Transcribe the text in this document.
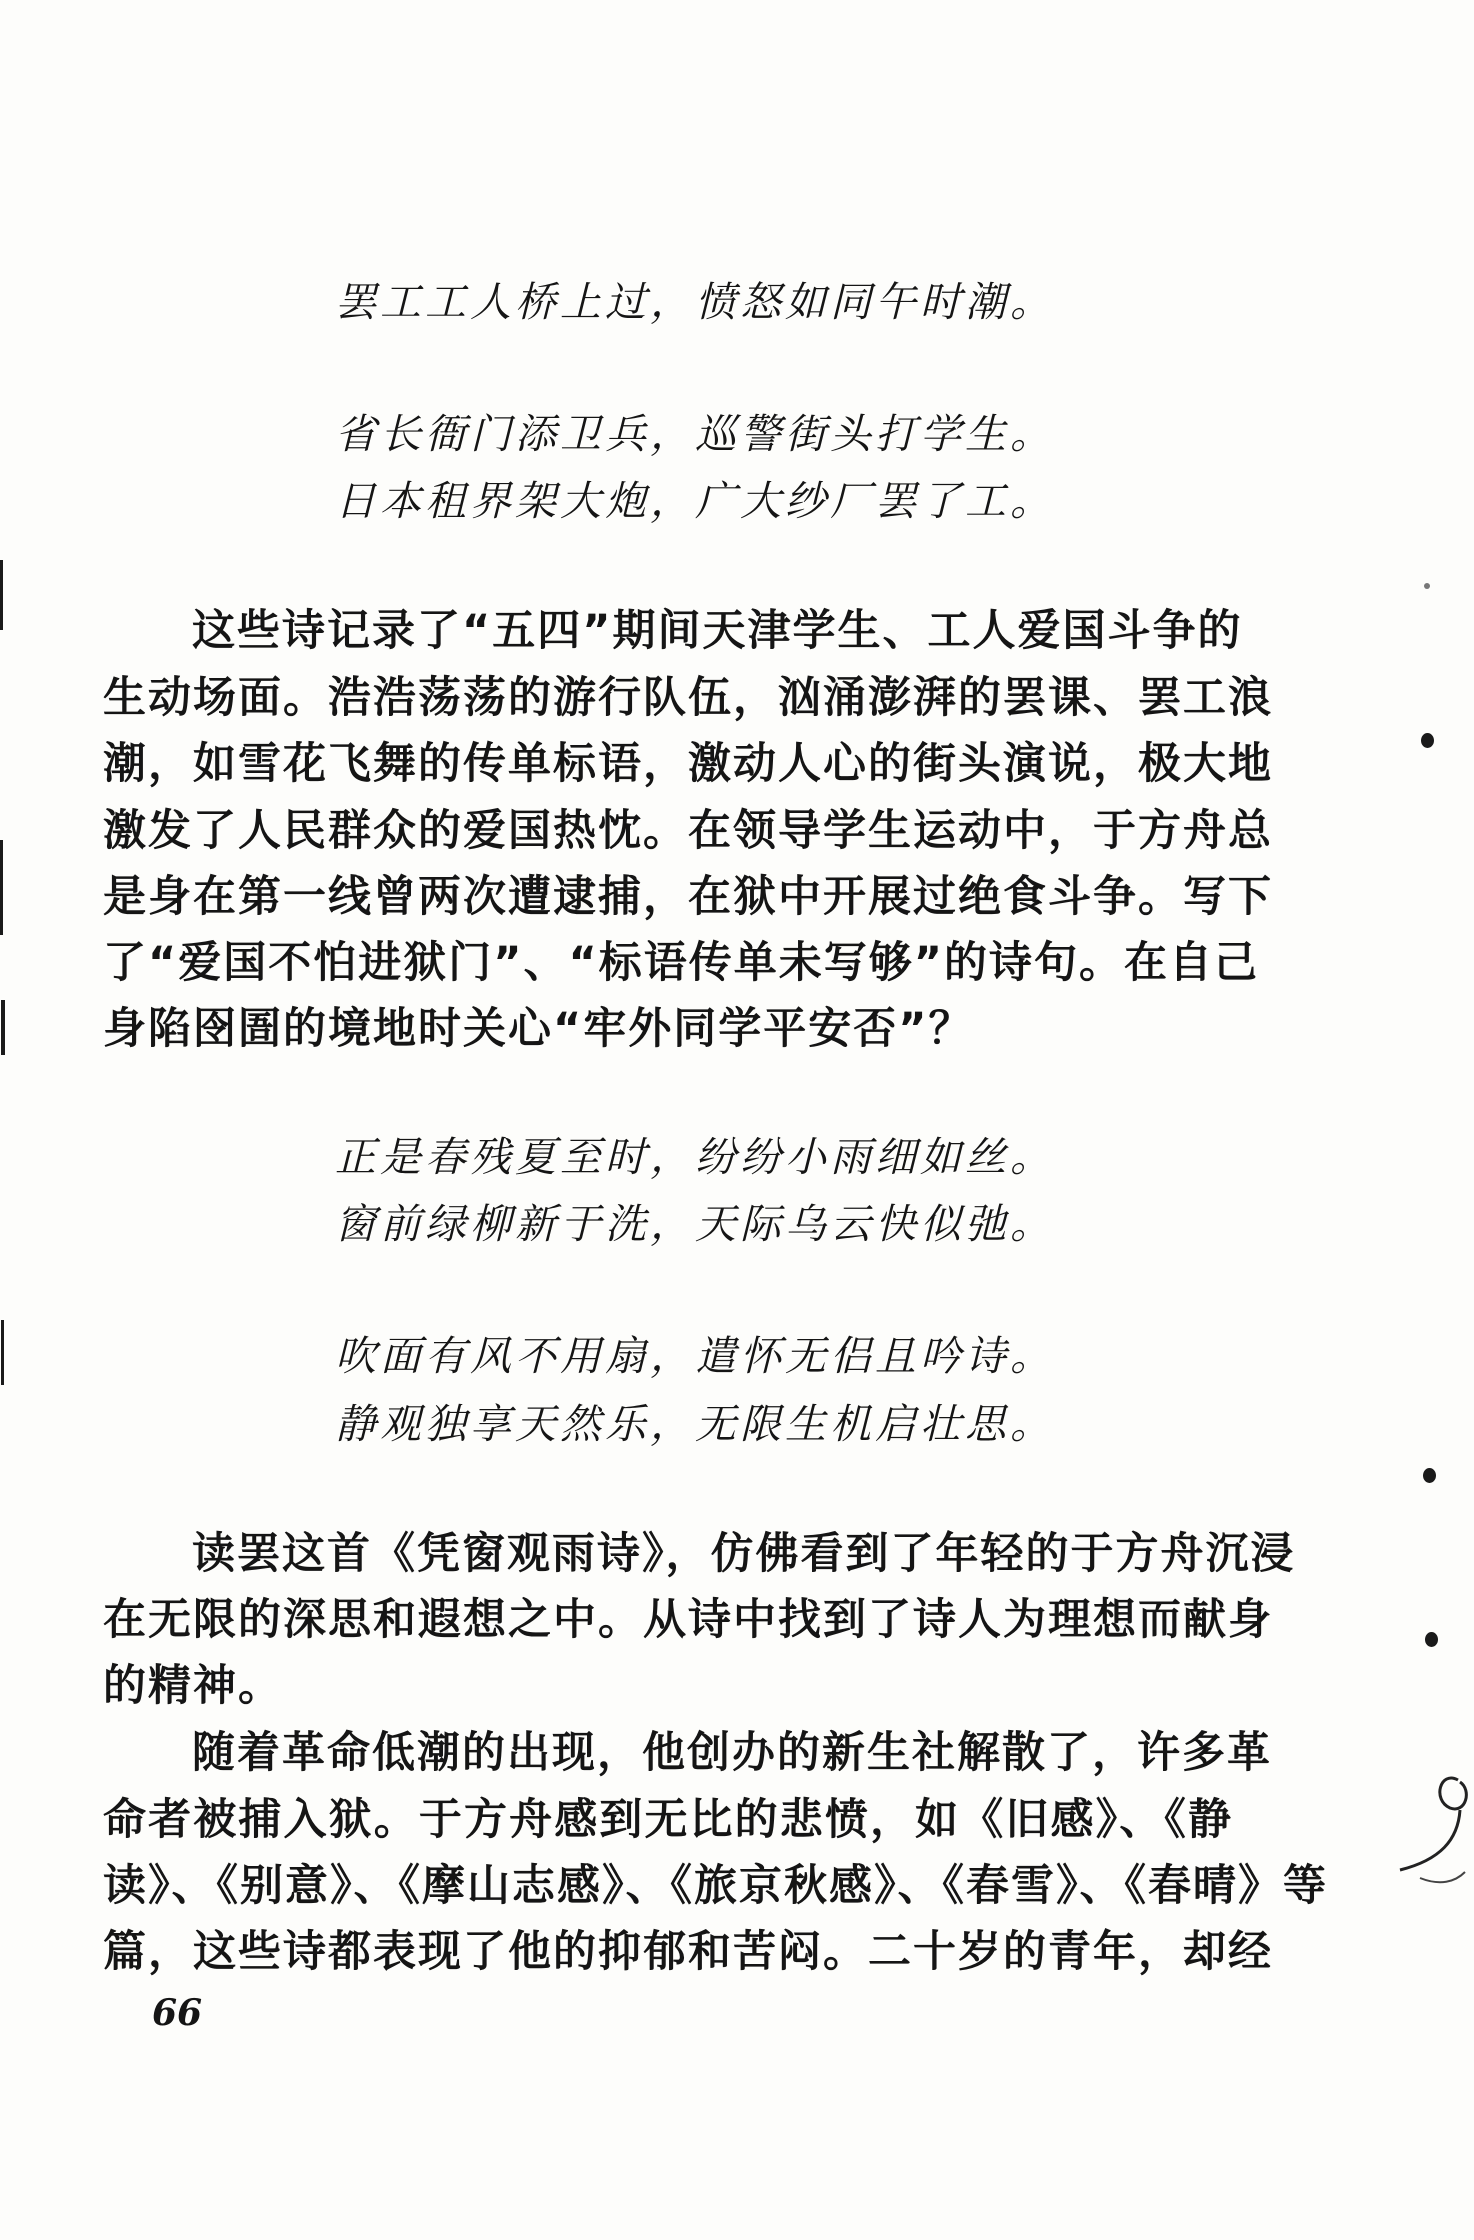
罢工工人桥上过，愤怒如同午时潮。
省长衙门添卫兵，巡警街头打学生。
日本租界架大炮，广大纱厂罢了工。
这些诗记录了“五四”期间天津学生、工人爱国斗争的
生动场面。浩浩荡荡的游行队伍，汹涌澎湃的罢课、罢工浪
潮，如雪花飞舞的传单标语，激动人心的街头演说，极大地
激发了人民群众的爱国热忱。在领导学生运动中，于方舟总
是身在第一线曾两次遭逮捕，在狱中开展过绝食斗争。写下
了“爱国不怕进狱门”、“标语传单未写够”的诗句。在自己
身陷囹圄的境地时关心“牢外同学平安否”？
正是春残夏至时，纷纷小雨细如丝。
窗前绿柳新于洗，天际乌云快似弛。
吹面有风不用扇，遣怀无侣且吟诗。
静观独享天然乐，无限生机启壮思。
读罢这首《凭窗观雨诗》，仿佛看到了年轻的于方舟沉浸
在无限的深思和遐想之中。从诗中找到了诗人为理想而献身
的精神。
随着革命低潮的出现，他创办的新生社解散了，许多革
命者被捕入狱。于方舟感到无比的悲愤，如《旧感》、《静
读》、《别意》、《摩山志感》、《旅京秋感》、《春雪》、《春晴》等
篇，这些诗都表现了他的抑郁和苦闷。二十岁的青年，却经
66
